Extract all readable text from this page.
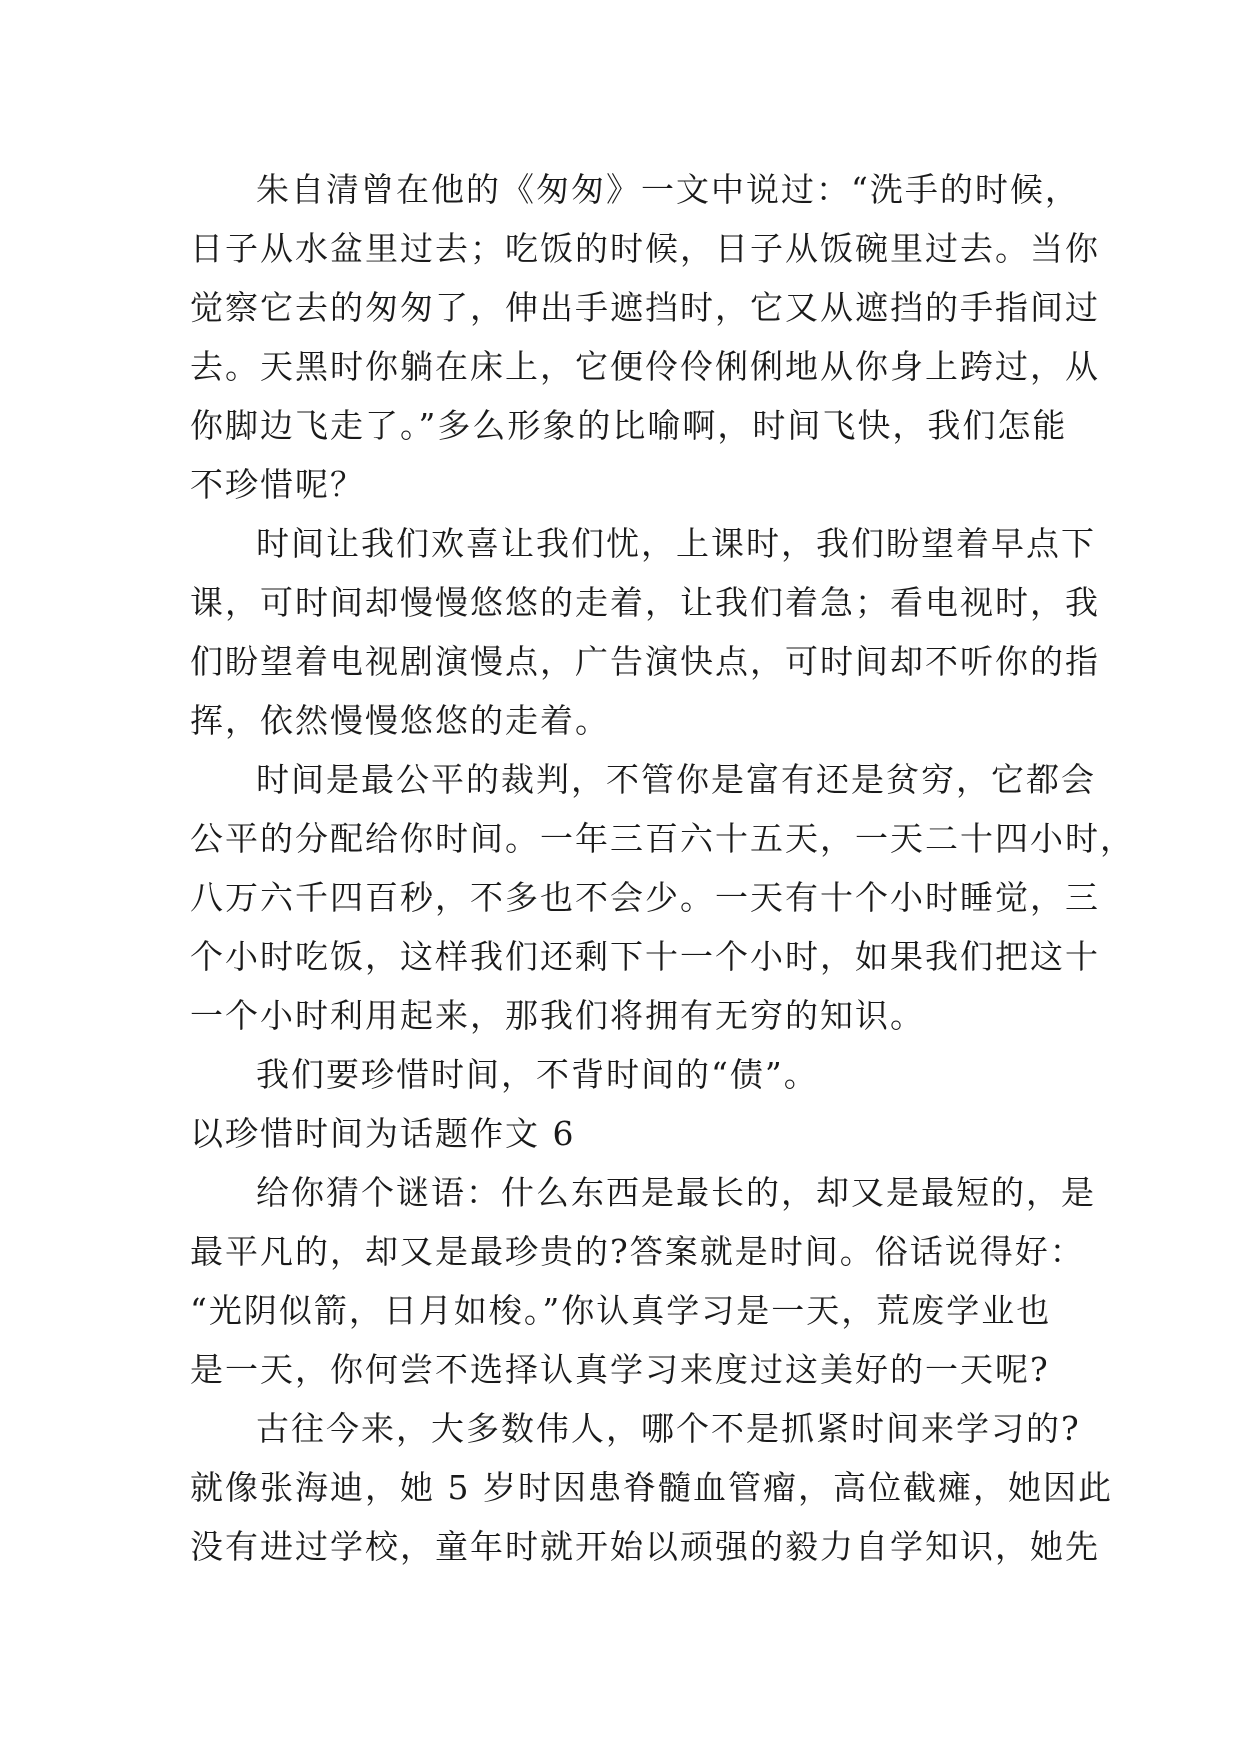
朱自清曾在他的《匆匆》一文中说过：“洗手的时候，
日子从水盆里过去；吃饭的时候，日子从饭碗里过去。当你
觉察它去的匆匆了，伸出手遮挡时，它又从遮挡的手指间过
去。天黑时你躺在床上，它便伶伶俐俐地从你身上跨过，从
你脚边飞走了。”多么形象的比喻啊，时间飞快，我们怎能
不珍惜呢？
时间让我们欢喜让我们忧，上课时，我们盼望着早点下
课，可时间却慢慢悠悠的走着，让我们着急；看电视时，我
们盼望着电视剧演慢点，广告演快点，可时间却不听你的指
挥，依然慢慢悠悠的走着。
时间是最公平的裁判，不管你是富有还是贫穷，它都会
公平的分配给你时间。一年三百六十五天，一天二十四小时，
八万六千四百秒，不多也不会少。一天有十个小时睡觉，三
个小时吃饭，这样我们还剩下十一个小时，如果我们把这十
一个小时利用起来，那我们将拥有无穷的知识。
我们要珍惜时间，不背时间的“债”。
以珍惜时间为话题作文 6
给你猜个谜语：什么东西是最长的，却又是最短的，是
最平凡的，却又是最珍贵的?答案就是时间。俗话说得好：
“光阴似箭，日月如梭。”你认真学习是一天，荒废学业也
是一天，你何尝不选择认真学习来度过这美好的一天呢?
古往今来，大多数伟人，哪个不是抓紧时间来学习的?
就像张海迪，她 5 岁时因患脊髓血管瘤，高位截瘫，她因此
没有进过学校，童年时就开始以顽强的毅力自学知识，她先
